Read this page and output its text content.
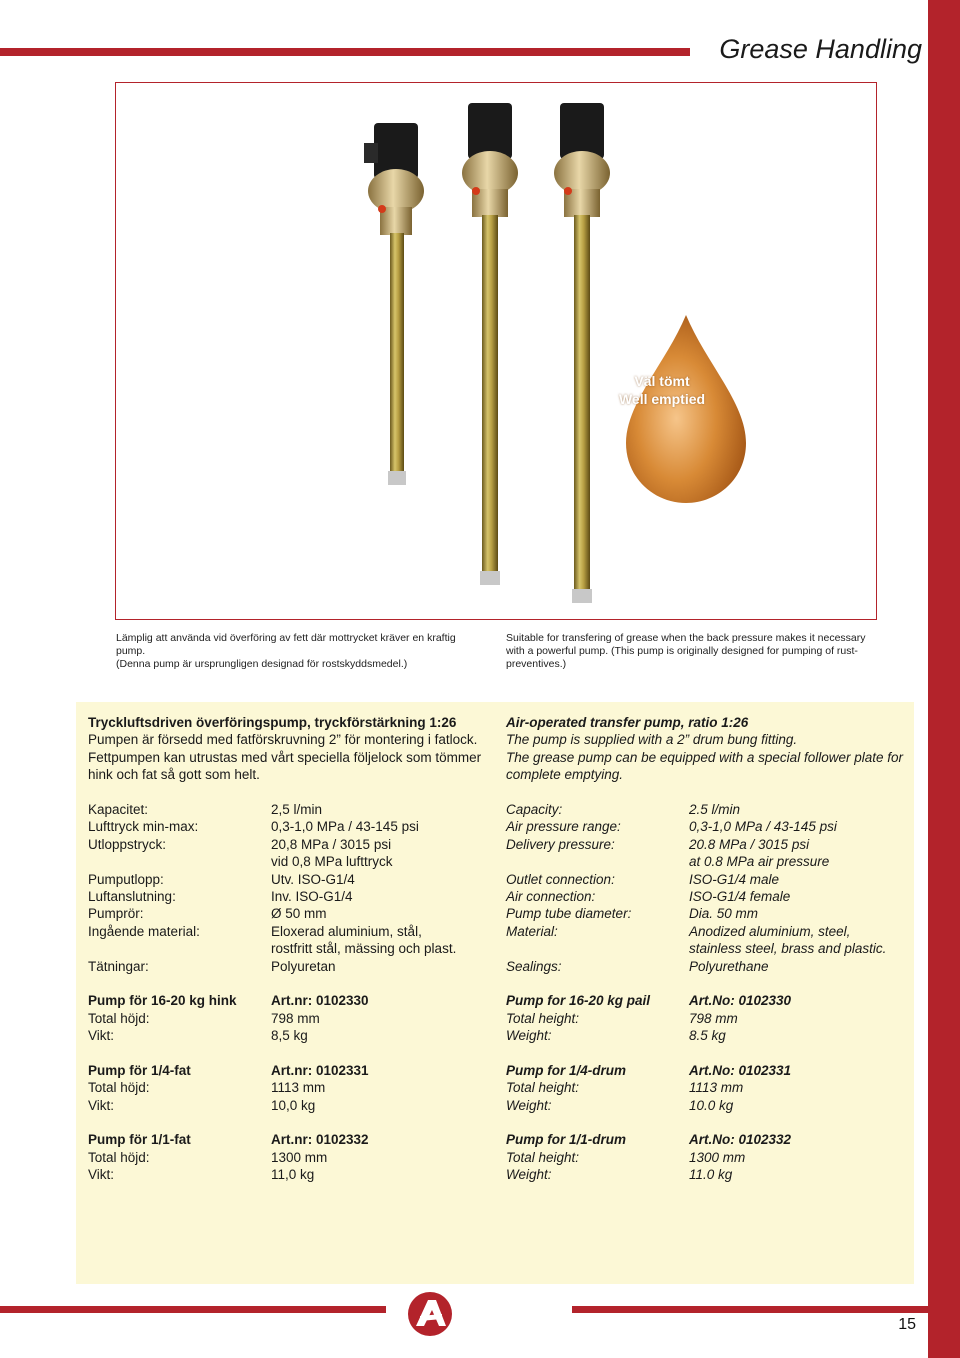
Grease Handling
Väl tömt
Well emptied

Lämplig att använda vid överföring av fett där mottrycket kräver en kraftig pump.

(Denna pump är ursprungligen designad för rostskyddsmedel.)

Suitable for transfering of grease when the back pressure makes it necessary with a powerful pump. (This pump is originally designed for pumping of rust-preventives.)

Tryckluftsdriven överföringspump, tryckförstärkning 1:26

Pumpen är försedd med fatförskruvning 2” för montering i fatlock.

Fettpumpen kan utrustas med vårt speciella följelock som tömmer hink och fat så gott som helt.

Kapacitet:	2,5 l/min
Lufttryck min-max:	0,3-1,0 MPa / 43-145 psi
Utloppstryck:	20,8 MPa / 3015 psi
vid 0,8 MPa lufttryck
Pumputlopp:	Utv. ISO-G1/4
Luftanslutning:	Inv. ISO-G1/4
Pumprör:	Ø 50 mm
Ingående material:	Eloxerad aluminium, stål,
rostfritt stål, mässing och plast.
Tätningar:	Polyuretan
Pump för 16-20 kg hink	Art.nr: 0102330
Total höjd:	798 mm
Vikt:	8,5 kg
Pump för 1/4-fat	Art.nr: 0102331
Total höjd:	1113 mm
Vikt:	10,0 kg
Pump för 1/1-fat	Art.nr: 0102332
Total höjd:	1300 mm
Vikt:	11,0 kg

Air-operated transfer pump, ratio 1:26

The pump is supplied with a 2” drum bung fitting.

The grease pump can be equipped with a special follower plate for complete emptying.

Capacity:	2.5 l/min
Air pressure range:	0,3-1,0 MPa / 43-145 psi
Delivery pressure:	20.8 MPa / 3015 psi
at 0.8 MPa air pressure
Outlet connection:	ISO-G1/4 male
Air connection:	ISO-G1/4 female
Pump tube diameter:	Dia. 50 mm
Material:	Anodized aluminium, steel,
stainless steel, brass and plastic.
Sealings:	Polyurethane
Pump for 16-20 kg pail	Art.No: 0102330
Total height:	798 mm
Weight:	8.5 kg
Pump for 1/4-drum	Art.No: 0102331
Total height:	1113 mm
Weight:	10.0 kg
Pump for 1/1-drum	Art.No: 0102332
Total height:	1300 mm
Weight:	11.0 kg
15
